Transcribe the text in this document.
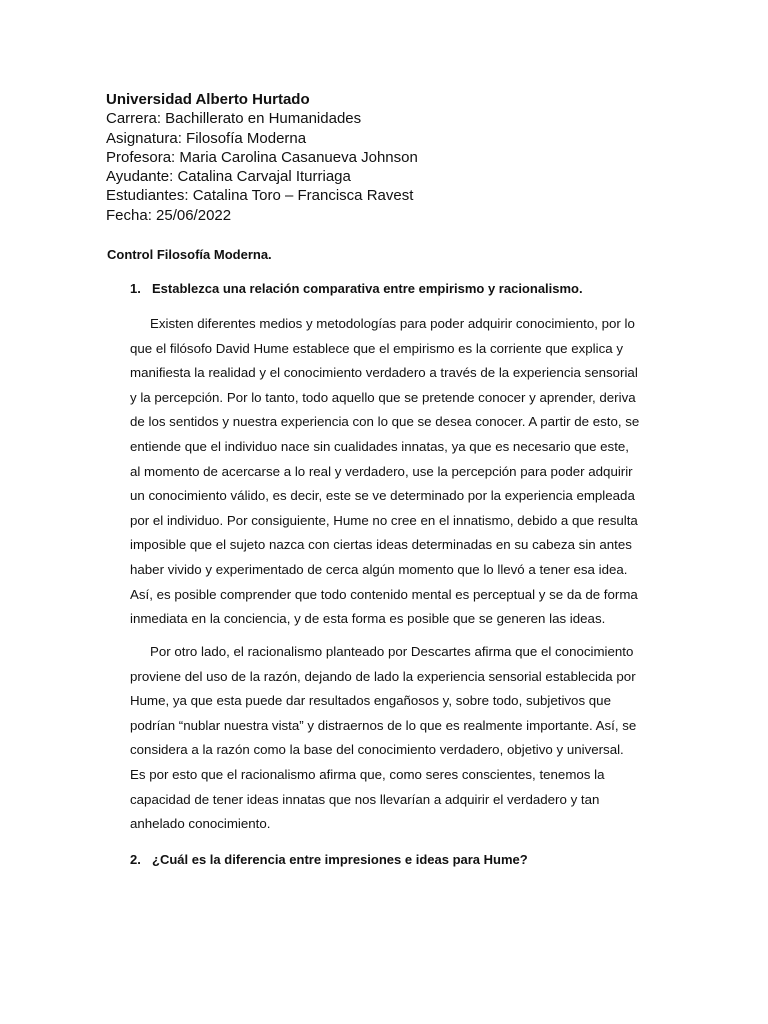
Universidad Alberto Hurtado
Carrera: Bachillerato en Humanidades
Asignatura: Filosofía Moderna
Profesora: Maria Carolina Casanueva Johnson
Ayudante: Catalina Carvajal Iturriaga
Estudiantes: Catalina Toro – Francisca Ravest
Fecha: 25/06/2022
Control Filosofía Moderna.
1. Establezca una relación comparativa entre empirismo y racionalismo.
Existen diferentes medios y metodologías para poder adquirir conocimiento, por lo
que el filósofo David Hume establece que el empirismo es la corriente que explica y
manifiesta la realidad y el conocimiento verdadero a través de la experiencia sensorial
y la percepción. Por lo tanto, todo aquello que se pretende conocer y aprender, deriva
de los sentidos y nuestra experiencia con lo que se desea conocer. A partir de esto, se
entiende que el individuo nace sin cualidades innatas, ya que es necesario que este,
al momento de acercarse a lo real y verdadero, use la percepción para poder adquirir
un conocimiento válido, es decir, este se ve determinado por la experiencia empleada
por el individuo. Por consiguiente, Hume no cree en el innatismo, debido a que resulta
imposible que el sujeto nazca con ciertas ideas determinadas en su cabeza sin antes
haber vivido y experimentado de cerca algún momento que lo llevó a tener esa idea.
Así, es posible comprender que todo contenido mental es perceptual y se da de forma
inmediata en la conciencia, y de esta forma es posible que se generen las ideas.
Por otro lado, el racionalismo planteado por Descartes afirma que el conocimiento
proviene del uso de la razón, dejando de lado la experiencia sensorial establecida por
Hume, ya que esta puede dar resultados engañosos y, sobre todo, subjetivos que
podrían “nublar nuestra vista” y distraernos de lo que es realmente importante. Así, se
considera a la razón como la base del conocimiento verdadero, objetivo y universal.
Es por esto que el racionalismo afirma que, como seres conscientes, tenemos la
capacidad de tener ideas innatas que nos llevarían a adquirir el verdadero y tan
anhelado conocimiento.
2. ¿Cuál es la diferencia entre impresiones e ideas para Hume?
